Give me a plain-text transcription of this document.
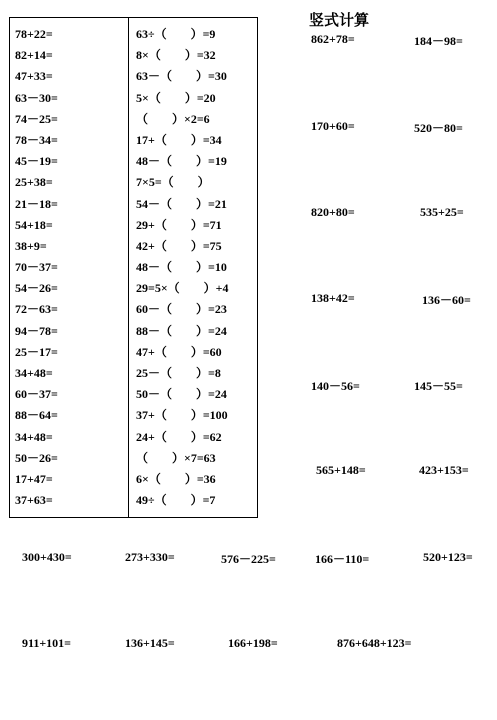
78+22=
82+14=
47+33=
63－30=
74－25=
78－34=
45－19=
25+38=
21－18=
54+18=
38+9=
70－37=
54－26=
72－63=
94－78=
25－17=
34+48=
60－37=
88－64=
34+48=
50－26=
17+47=
37+63=
63÷（　　）=9
8×（　　）=32
63－（　　）=30
5×（　　）=20
（　　）×2=6
17+（　　）=34
48－（　　）=19
7×5=（　　）
54－（　　）=21
29+（　　）=71
42+（　　）=75
48－（　　）=10
29=5×（　　）+4
60－（　　）=23
88－（　　）=24
47+（　　）=60
25－（　　）=8
50－（　　）=24
37+（　　）=100
24+（　　）=62
（　　）×7=63
6×（　　）=36
49÷（　　）=7
竖式计算
862+78=	184－98=
170+60=	520－80=
820+80=	535+25=
138+42=	136－60=
140－56=	145－55=
565+148=	423+153=
300+430=	273+330=	576－225=	166－110=	520+123=
911+101=	136+145=	166+198=	876+648+123=
